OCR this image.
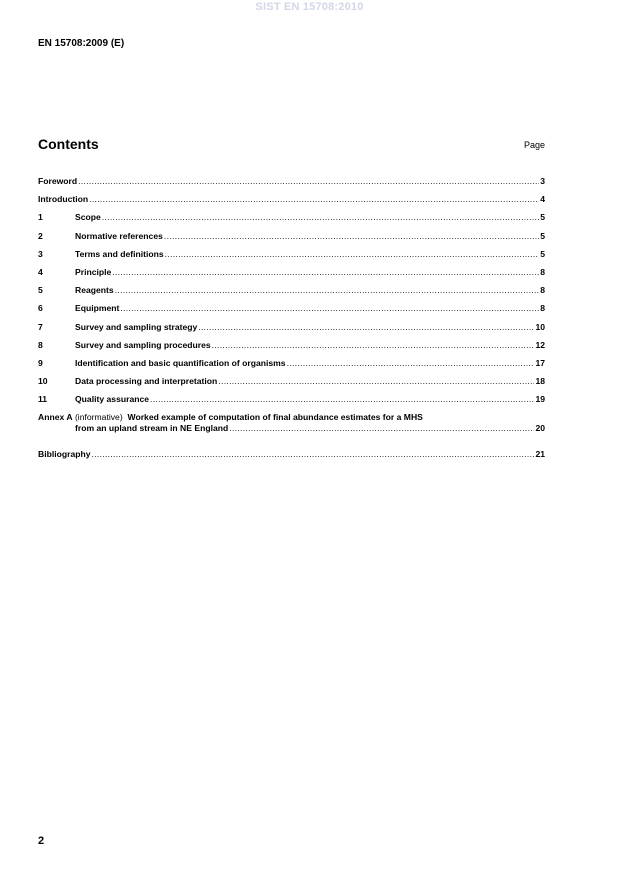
SIST EN 15708:2010
EN 15708:2009 (E)
Contents	Page
Foreword .....	3
Introduction .....	4
1	Scope .....	5
2	Normative references .....	5
3	Terms and definitions .....	5
4	Principle .....	8
5	Reagents .....	8
6	Equipment .....	8
7	Survey and sampling strategy .....	10
8	Survey and sampling procedures .....	12
9	Identification and basic quantification of organisms .....	17
10	Data processing and interpretation .....	18
11	Quality assurance .....	19
Annex A
(informative)
Worked example of computation of final abundance estimates for a MHS
from an upland stream in NE England .....	20
Bibliography .....	21
2
